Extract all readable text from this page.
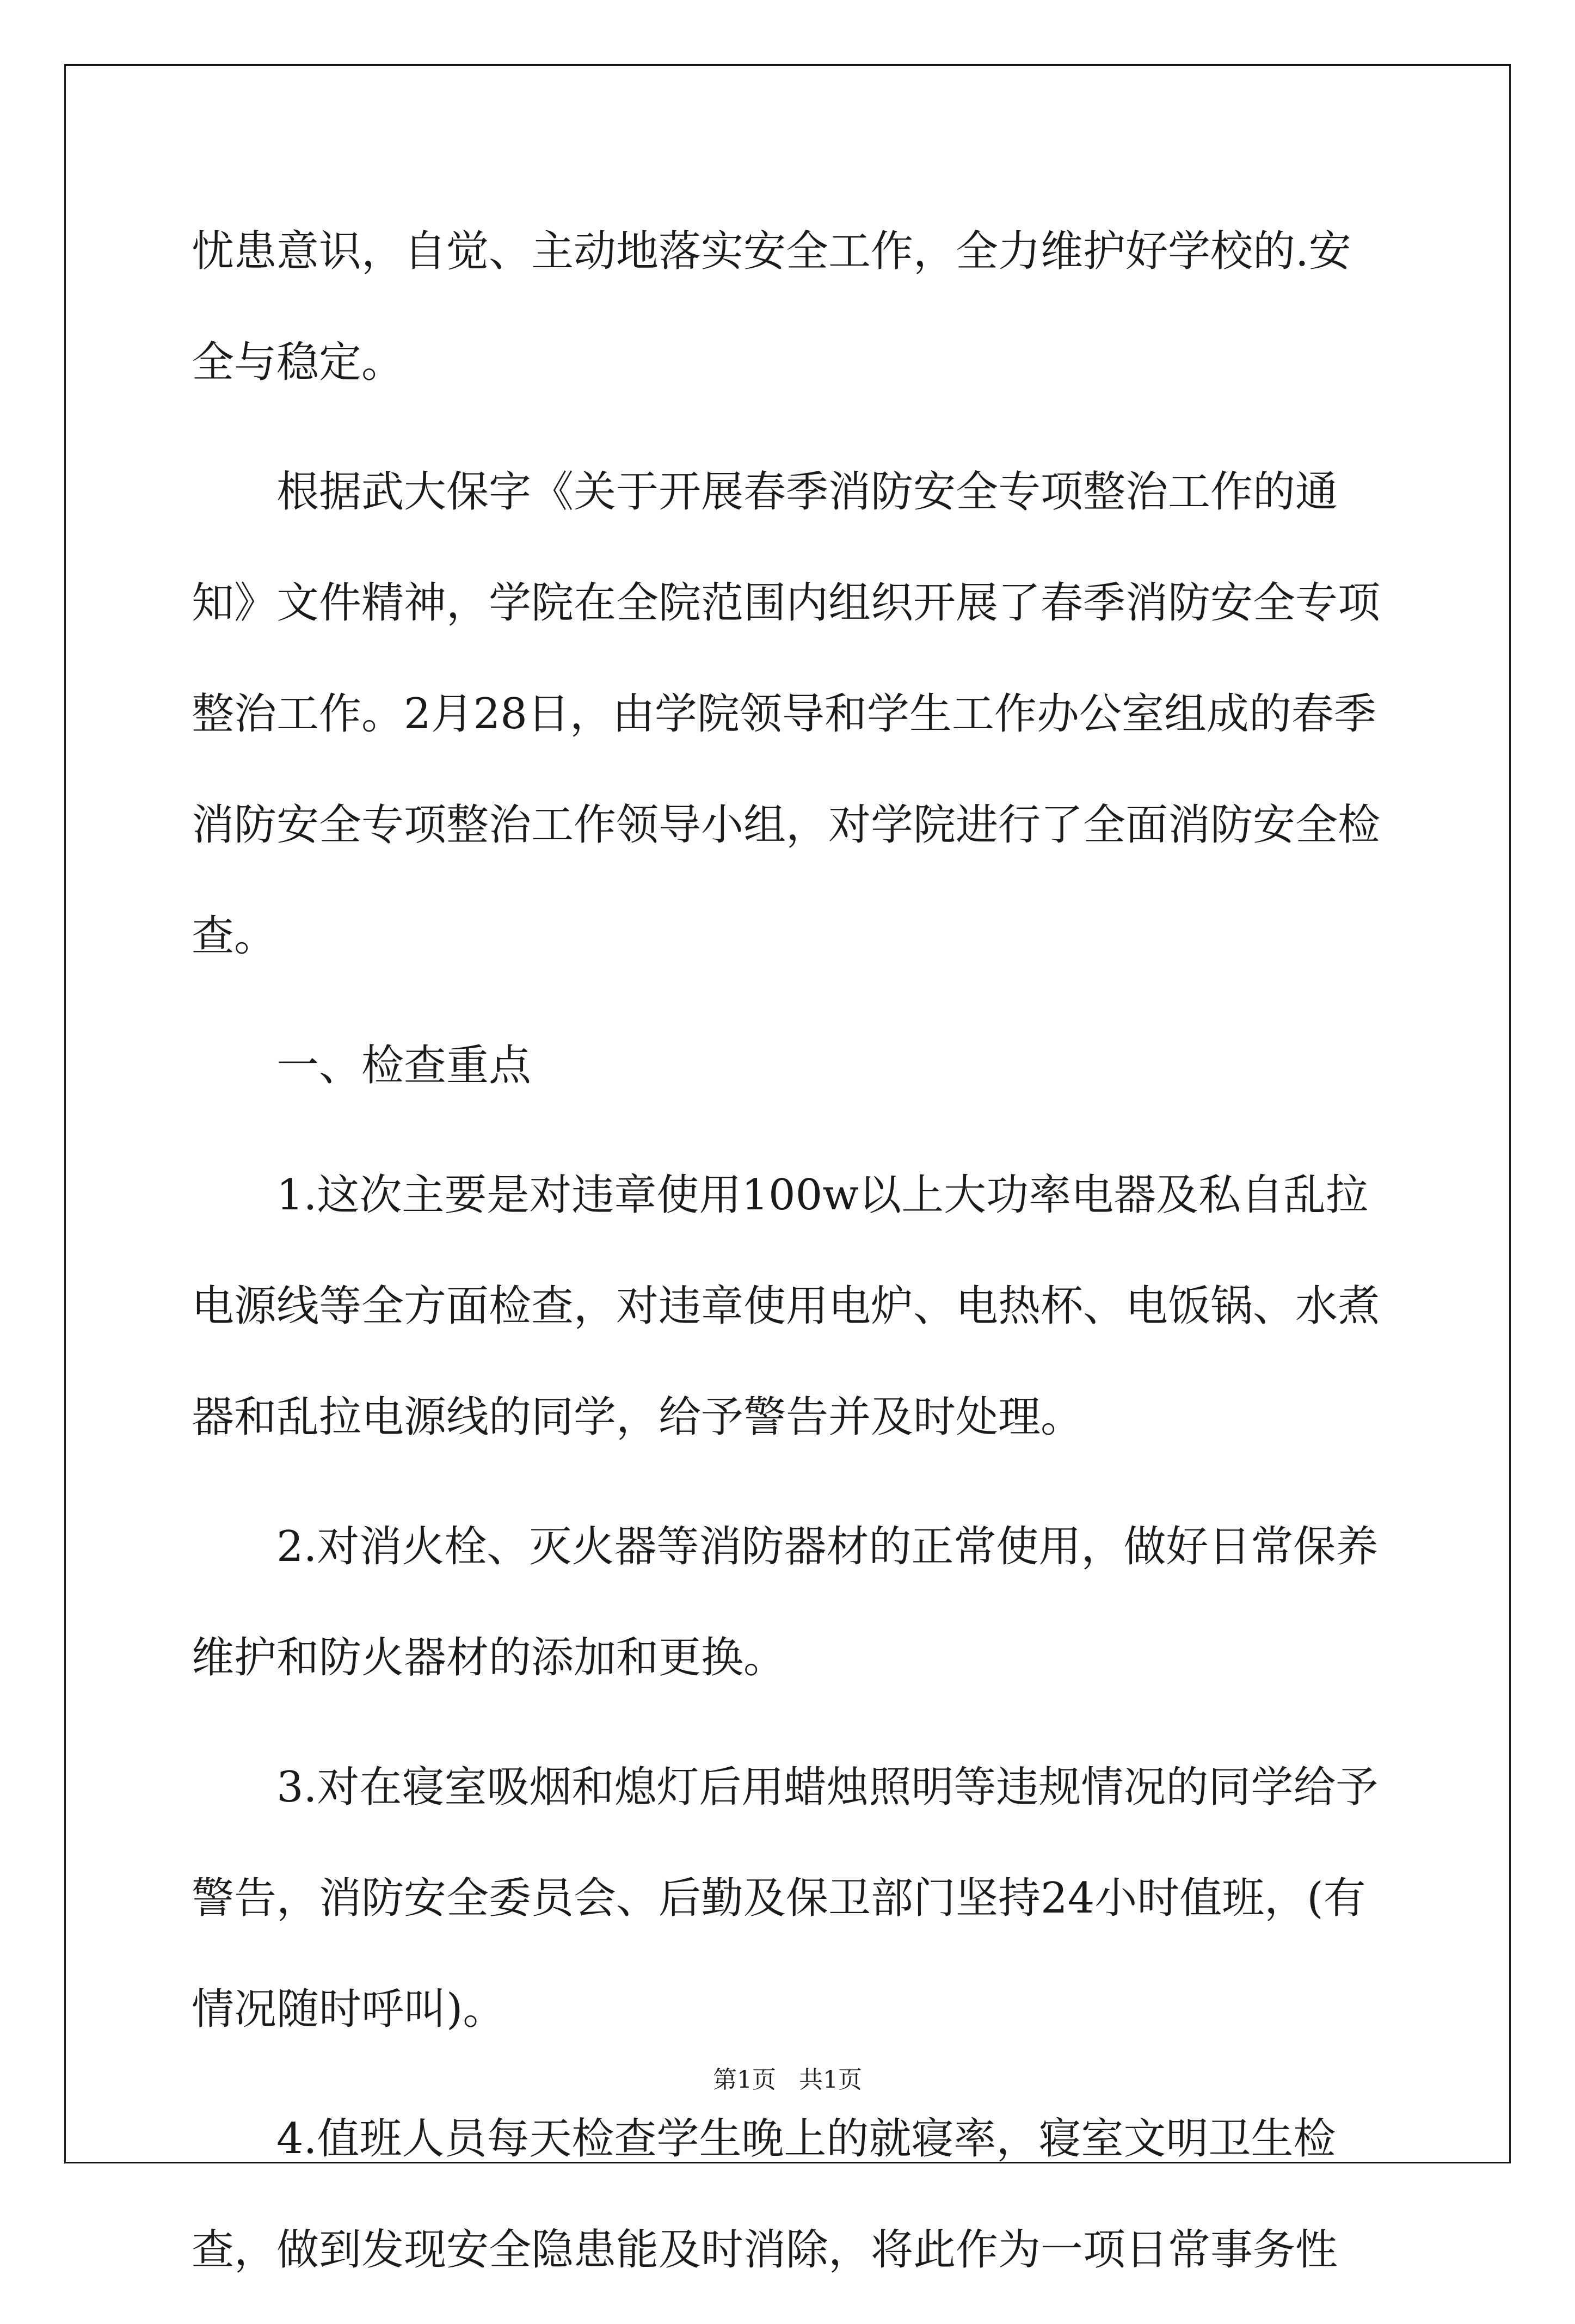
忧患意识，自觉、主动地落实安全工作，全力维护好学校的.安全与稳定。

根据武大保字《关于开展春季消防安全专项整治工作的通知》文件精神，学院在全院范围内组织开展了春季消防安全专项整治工作。2月28日，由学院领导和学生工作办公室组成的春季消防安全专项整治工作领导小组，对学院进行了全面消防安全检查。

一、检查重点

1.这次主要是对违章使用100w以上大功率电器及私自乱拉电源线等全方面检查，对违章使用电炉、电热杯、电饭锅、水煮器和乱拉电源线的同学，给予警告并及时处理。

2.对消火栓、灭火器等消防器材的正常使用，做好日常保养维护和防火器材的添加和更换。

3.对在寝室吸烟和熄灯后用蜡烛照明等违规情况的同学给予警告，消防安全委员会、后勤及保卫部门坚持24小时值班，(有情况随时呼叫)。

4.值班人员每天检查学生晚上的就寝率，寝室文明卫生检查，做到发现安全隐患能及时消除，将此作为一项日常事务性

第1页   共1页
